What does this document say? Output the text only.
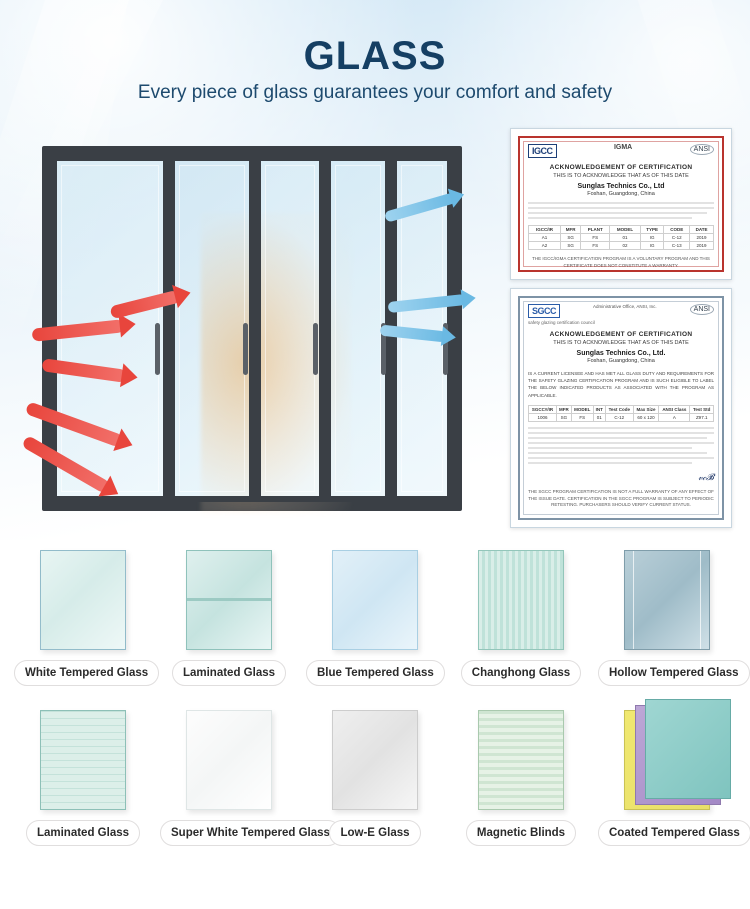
GLASS
Every piece of glass guarantees your comfort and safety
IGCC	IGMA	ANSI
ACKNOWLEDGEMENT OF CERTIFICATION
THIS IS TO ACKNOWLEDGE THAT AS OF THIS DATE
Sunglas Technics Co., Ltd
Foshan, Guangdong, China
IGCC/IR	MFR	PLANT	MODEL	TYPE	CODE	DATE
A1	SG	FS	01	IG	C-12	2019
A2	SG	FS	02	IG	C-13	2019
THE IGCC/IGMA CERTIFICATION PROGRAM IS A VOLUNTARY PROGRAM AND THIS CERTIFICATE DOES NOT CONSTITUTE A WARRANTY.
SGCC	Administrative Office, ANSI, Inc.	ANSI
safety glazing certification council
ACKNOWLEDGEMENT OF CERTIFICATION
THIS IS TO ACKNOWLEDGE THAT AS OF THIS DATE
Sunglas Technics Co., Ltd.
Foshan, Guangdong, China
IS A CURRENT LICENSEE AND HAS MET ALL GLASS DUTY AND REQUIREMENTS FOR THE SAFETY GLAZING CERTIFICATION PROGRAM AND IS SUCH ELIGIBLE TO LABEL THE BELOW INDICATED PRODUCTS AS ASSOCIATED WITH THE PROGRAM AS APPLICABLE.
SGCC#/IR	MFR	MODEL	INT	Test Code	Max Size	ANSI Class	Test Std
1006	SG	FS	01	C-12	60 x 120	A	Z97.1
𝓋𝒸𝓑
THE SGCC PROGRAM CERTIFICATION IS NOT A FULL WARRANTY OF ANY EFFECT OF THE ISSUE DATE. CERTIFICATION IN THE SGCC PROGRAM IS SUBJECT TO PERIODIC RETESTING. PURCHASERS SHOULD VERIFY CURRENT STATUS.
White Tempered Glass	Laminated Glass	Blue Tempered Glass	Changhong Glass	Hollow Tempered Glass
Laminated Glass	Super White Tempered Glass Low-E Glass	Magnetic Blinds	Coated Tempered Glass
